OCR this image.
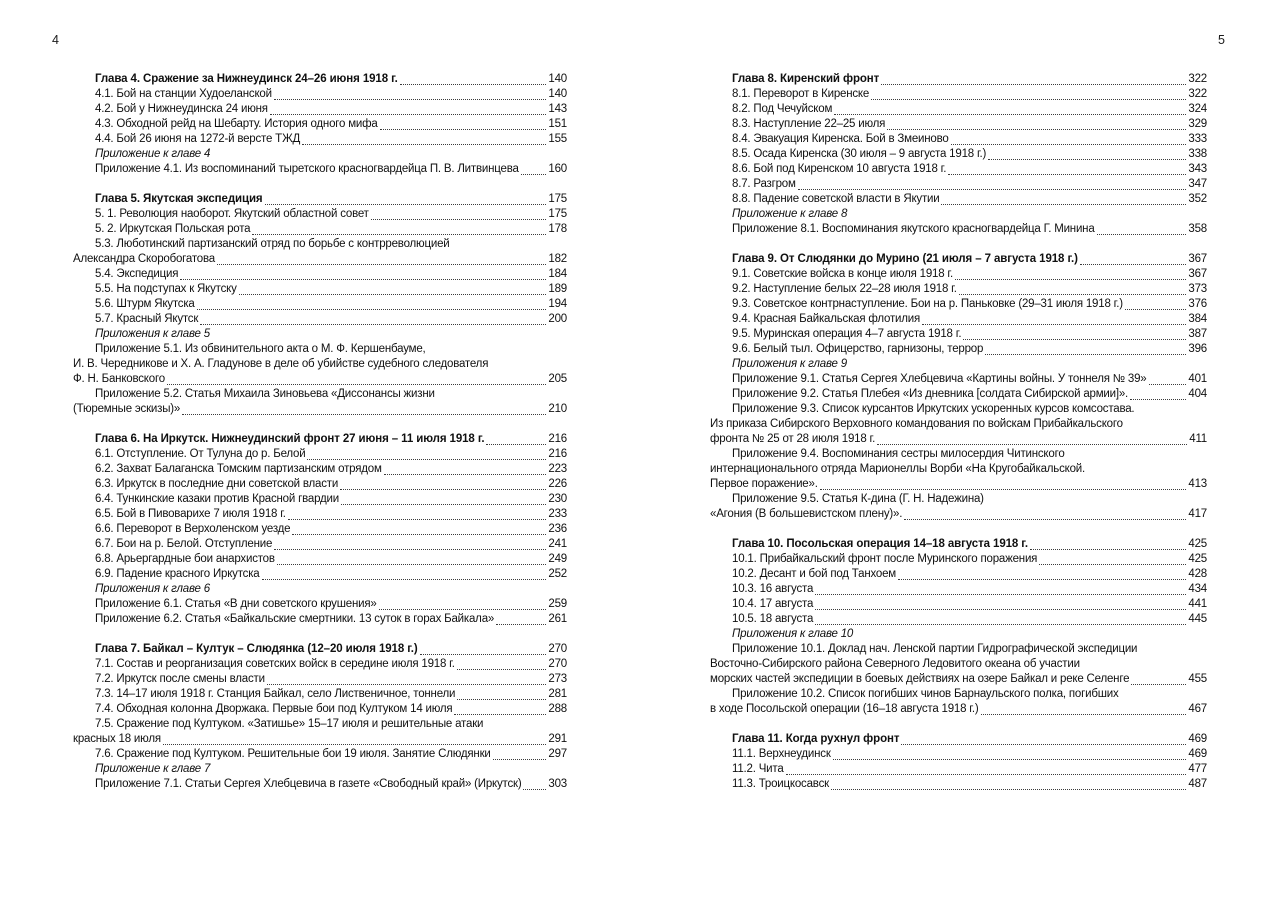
4	5
Глава 4. Сражение за Нижнеудинск 24–26 июня 1918 г.	140
4.1. Бой на станции Худоеланской	140
4.2. Бой у Нижнеудинска 24 июня	143
4.3. Обходной рейд на Шебарту. История одного мифа	151
4.4. Бой 26 июня на 1272-й версте ТЖД	155
Приложение к главе 4
Приложение 4.1. Из воспоминаний тыретского красногвардейца П. В. Литвинцева	160
Глава 5. Якутская экспедиция	175
5. 1. Революция наоборот. Якутский областной совет	175
5. 2. Иркутская Польская рота	178
5.3. Люботинский партизанский отряд по борьбе с контрреволюцией
Александра Скоробогатова	182
5.4. Экспедиция	184
5.5. На подступах к Якутску	189
5.6. Штурм Якутска	194
5.7. Красный Якутск	200
Приложения к главе 5
Приложение 5.1. Из обвинительного акта о М. Ф. Кершенбауме,
И. В. Чередникове и Х. А. Гладунове в деле об убийстве судебного следователя
Ф. Н. Банковского	205
Приложение 5.2. Статья Михаила Зиновьева «Диссонансы жизни
(Тюремные эскизы)»	210
Глава 6. На Иркутск. Нижнеудинский фронт 27 июня – 11 июля 1918 г.	216
6.1. Отступление. От Тулуна до р. Белой	216
6.2. Захват Балаганска Томским партизанским отрядом	223
6.3. Иркутск в последние дни советской власти	226
6.4. Тункинские казаки против Красной гвардии	230
6.5. Бой в Пивоварихе 7 июля 1918 г.	233
6.6. Переворот в Верхоленском уезде	236
6.7. Бои на р. Белой. Отступление	241
6.8. Арьергардные бои анархистов	249
6.9. Падение красного Иркутска	252
Приложения к главе 6
Приложение 6.1. Статья «В дни советского крушения»	259
Приложение 6.2. Статья «Байкальские смертники. 13 суток в горах Байкала»	261
Глава 7. Байкал – Култук – Слюдянка (12–20 июля 1918 г.)	270
7.1. Состав и реорганизация советских войск в середине июля 1918 г.	270
7.2. Иркутск после смены власти	273
7.3. 14–17 июля 1918 г. Станция Байкал, село Лиственичное, тоннели	281
7.4. Обходная колонна Дворжака. Первые бои под Култуком 14 июля	288
7.5. Сражение под Култуком. «Затишье» 15–17 июля и решительные атаки
красных 18 июля	291
7.6. Сражение под Култуком. Решительные бои 19 июля. Занятие Слюдянки	297
Приложение к главе 7
Приложение 7.1. Статьи Сергея Хлебцевича в газете «Свободный край» (Иркутск) 303
Глава 8. Киренский фронт	322
8.1. Переворот в Киренске	322
8.2. Под Чечуйском	324
8.3. Наступление 22–25 июля	329
8.4. Эвакуация Киренска. Бой в Змеиново	333
8.5. Осада Киренска (30 июля – 9 августа 1918 г.)	338
8.6. Бой под Киренском 10 августа 1918 г.	343
8.7. Разгром	347
8.8. Падение советской власти в Якутии	352
Приложение к главе 8
Приложение 8.1. Воспоминания якутского красногвардейца Г. Минина	358
Глава 9. От Слюдянки до Мурино (21 июля – 7 августа 1918 г.)	367
9.1. Советские войска в конце июля 1918 г.	367
9.2. Наступление белых 22–28 июля 1918 г.	373
9.3. Советское контрнаступление. Бои на р. Паньковке (29–31 июля 1918 г.)	376
9.4. Красная Байкальская флотилия	384
9.5. Муринская операция 4–7 августа 1918 г.	387
9.6. Белый тыл. Офицерство, гарнизоны, террор	396
Приложения к главе 9
Приложение 9.1. Статья Сергея Хлебцевича «Картины войны. У тоннеля № 39»	401
Приложение 9.2. Статья Плебея «Из дневника [солдата Сибирской армии]».	404
Приложение 9.3. Список курсантов Иркутских ускоренных курсов комсостава.
Из приказа Сибирского Верховного командования по войскам Прибайкальского
фронта № 25 от 28 июля 1918 г.	411
Приложение 9.4. Воспоминания сестры милосердия Читинского
интернационального отряда Марионеллы Ворби «На Кругобайкальской.
Первое поражение».	413
Приложение 9.5. Статья К-дина (Г. Н. Надежина)
«Агония (В большевистском плену)».	417
Глава 10. Посольская операция 14–18 августа 1918 г.	425
10.1. Прибайкальский фронт после Муринского поражения	425
10.2. Десант и бой под Танхоем	428
10.3. 16 августа	434
10.4. 17 августа	441
10.5. 18 августа	445
Приложения к главе 10
Приложение 10.1. Доклад нач. Ленской партии Гидрографической экспедиции
Восточно-Сибирского района Северного Ледовитого океана об участии
морских частей экспедиции в боевых действиях на озере Байкал и реке Селенге	455
Приложение 10.2. Список погибших чинов Барнаульского полка, погибших
в ходе Посольской операции (16–18 августа 1918 г.)	467
Глава 11. Когда рухнул фронт	469
11.1. Верхнеудинск	469
11.2. Чита	477
11.3. Троицкосавск	487
